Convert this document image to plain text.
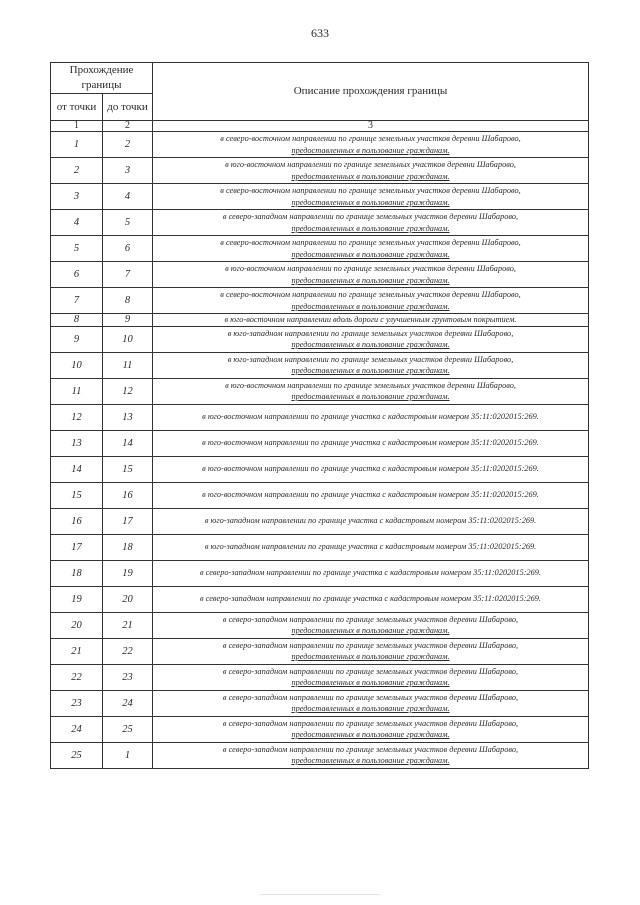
633
Прохождение границы		Описание прохождения границы
от точки	до точки	
1	2	3
1	2	в северо-восточном направлении по границе земельных участков деревни Шабарово,
предоставленных в пользование гражданам.

2	3	в юго-восточном направлении по границе земельных участков деревни Шабарово,
предоставленных в пользование гражданам.

3	4	в северо-восточном направлении по границе земельных участков деревни Шабарово,
предоставленных в пользование гражданам.

4	5	в северо-западном направлении по границе земельных участков деревни Шабарово,
предоставленных в пользование гражданам.

5	6	в северо-восточном направлении по границе земельных участков деревни Шабарово,
предоставленных в пользование гражданам.

6	7	в юго-восточном направлении по границе земельных участков деревни Шабарово,
предоставленных в пользование гражданам.

7	8	в северо-восточном направлении по границе земельных участков деревни Шабарово,
предоставленных в пользование гражданам.

8	9	в юго-восточном направлении вдоль дороги с улучшенным грунтовым покрытием.

9	10	в юго-западном направлении по границе земельных участков деревни Шабарово,
предоставленных в пользование гражданам.

10	11	в юго-западном направлении по границе земельных участков деревни Шабарово,
предоставленных в пользование гражданам.

11	12	в юго-восточном направлении по границе земельных участков деревни Шабарово,
предоставленных в пользование гражданам.

12	13	в юго-восточном направлении по границе участка с кадастровым номером 35:11:0202015:269.

13	14	в юго-восточном направлении по границе участка с кадастровым номером 35:11:0202015:269.

14	15	в юго-восточном направлении по границе участка с кадастровым номером 35:11:0202015:269.

15	16	в юго-восточном направлении по границе участка с кадастровым номером 35:11:0202015:269.

16	17	в юго-западном направлении по границе участка с кадастровым номером 35:11:0202015:269.

17	18	в юго-западном направлении по границе участка с кадастровым номером 35:11:0202015:269.

18	19	в северо-западном направлении по границе участка с кадастровым номером 35:11:0202015:269.

19	20	в северо-западном направлении по границе участка с кадастровым номером 35:11:0202015:269.

20	21	в северо-западном направлении по границе земельных участков деревни Шабарово,
предоставленных в пользование гражданам.

21	22	в северо-западном направлении по границе земельных участков деревни Шабарово,
предоставленных в пользование гражданам.

22	23	в северо-западном направлении по границе земельных участков деревни Шабарово,
предоставленных в пользование гражданам.

23	24	в северо-западном направлении по границе земельных участков деревни Шабарово,
предоставленных в пользование гражданам.

24	25	в северо-западном направлении по границе земельных участков деревни Шабарово,
предоставленных в пользование гражданам.

25	1	в северо-западном направлении по границе земельных участков деревни Шабарово,
предоставленных в пользование гражданам.
